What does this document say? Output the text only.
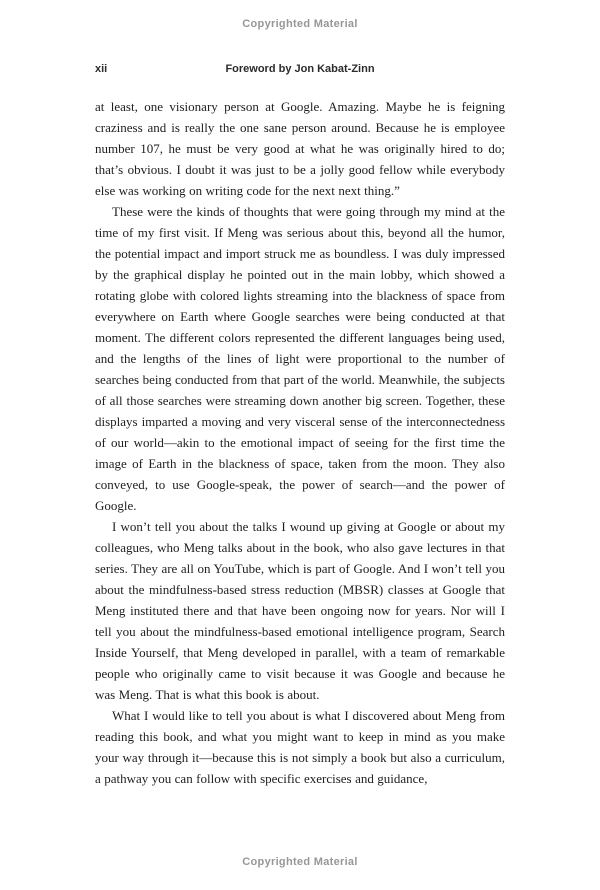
Copyrighted Material
xii	Foreword by Jon Kabat-Zinn

at least, one visionary person at Google. Amazing. Maybe he is feigning craziness and is really the one sane person around. Because he is employee number 107, he must be very good at what he was originally hired to do; that’s obvious. I doubt it was just to be a jolly good fellow while everybody else was working on writing code for the next next thing.”

These were the kinds of thoughts that were going through my mind at the time of my first visit. If Meng was serious about this, beyond all the humor, the potential impact and import struck me as boundless. I was duly impressed by the graphical display he pointed out in the main lobby, which showed a rotating globe with colored lights streaming into the blackness of space from everywhere on Earth where Google searches were being conducted at that moment. The different colors represented the different languages being used, and the lengths of the lines of light were proportional to the number of searches being conducted from that part of the world. Meanwhile, the subjects of all those searches were streaming down another big screen. Together, these displays imparted a moving and very visceral sense of the interconnectedness of our world—akin to the emotional impact of seeing for the first time the image of Earth in the blackness of space, taken from the moon. They also conveyed, to use Google-speak, the power of search—and the power of Google.

I won’t tell you about the talks I wound up giving at Google or about my colleagues, who Meng talks about in the book, who also gave lectures in that series. They are all on YouTube, which is part of Google. And I won’t tell you about the mindfulness-based stress reduction (MBSR) classes at Google that Meng instituted there and that have been ongoing now for years. Nor will I tell you about the mindfulness-based emotional intelligence program, Search Inside Yourself, that Meng developed in parallel, with a team of remarkable people who originally came to visit because it was Google and because he was Meng. That is what this book is about.

What I would like to tell you about is what I discovered about Meng from reading this book, and what you might want to keep in mind as you make your way through it—because this is not simply a book but also a curriculum, a pathway you can follow with specific exercises and guidance,

Copyrighted Material
